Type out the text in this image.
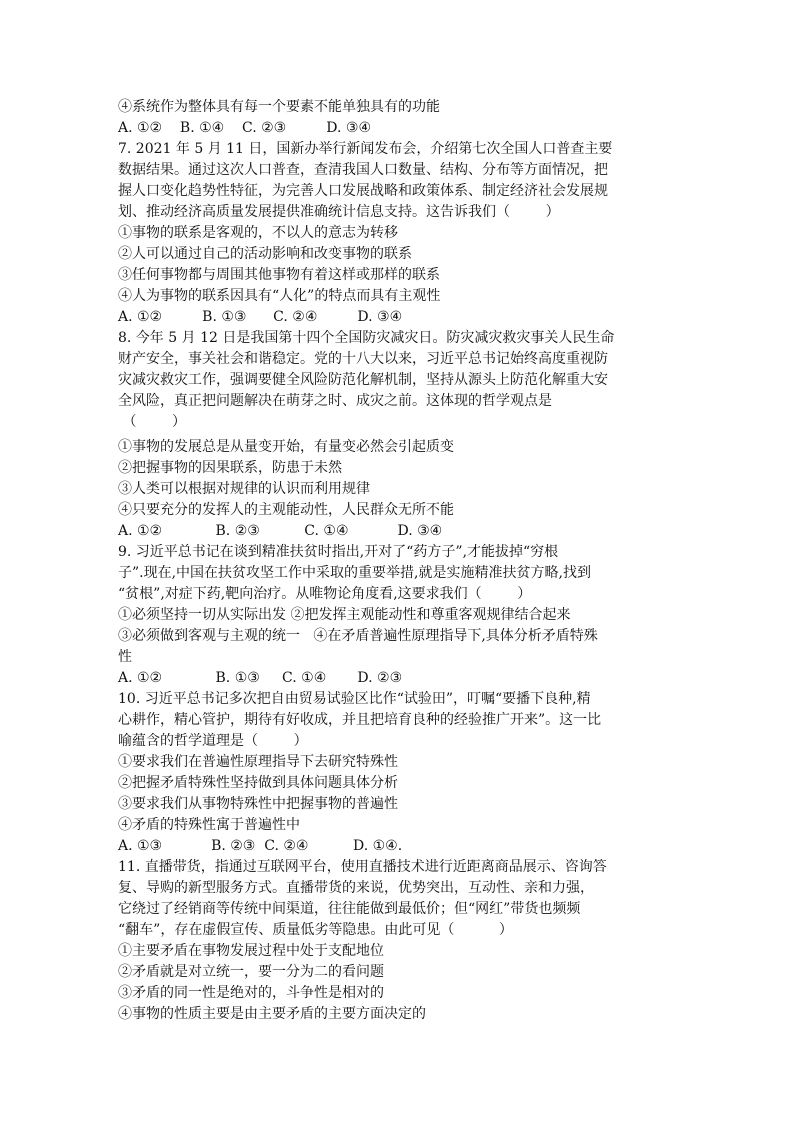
④系统作为整体具有每一个要素不能单独具有的功能
A. ①②    B. ①④    C. ②③         D. ③④
7. 2021 年 5 月 11 日，国新办举行新闻发布会，介绍第七次全国人口普查主要
数据结果。通过这次人口普查，查清我国人口数量、结构、分布等方面情况，把
握人口变化趋势性特征，为完善人口发展战略和政策体系、制定经济社会发展规
划、推动经济高质量发展提供准确统计信息支持。这告诉我们（        ）
①事物的联系是客观的，不以人的意志为转移
②人可以通过自己的活动影响和改变事物的联系
③任何事物都与周围其他事物有着这样或那样的联系
④人为事物的联系因具有“人化”的特点而具有主观性
A. ①②         B. ①③      C. ②④         D. ③④
8. 今年 5 月 12 日是我国第十四个全国防灾减灾日。防灾减灾救灾事关人民生命
财产安全，事关社会和谐稳定。党的十八大以来，习近平总书记始终高度重视防
灾减灾救灾工作，强调要健全风险防范化解机制，坚持从源头上防范化解重大安
全风险，真正把问题解决在萌芽之时、成灾之前。这体现的哲学观点是
（        ）
①事物的发展总是从量变开始，有量变必然会引起质变
②把握事物的因果联系，防患于未然
③人类可以根据对规律的认识而利用规律
④只要充分的发挥人的主观能动性，人民群众无所不能
A. ①②            B. ②③          C. ①④           D. ③④
9. 习近平总书记在谈到精准扶贫时指出,开对了“药方子”,才能拔掉“穷根
子”.现在,中国在扶贫攻坚工作中采取的重要举措,就是实施精准扶贫方略,找到
“贫根”,对症下药,靶向治疗。从唯物论角度看,这要求我们（        ）
①必须坚持一切从实际出发 ②把发挥主观能动性和尊重客观规律结合起来
③必须做到客观与主观的统一   ④在矛盾普遍性原理指导下,具体分析矛盾特殊
性
A. ①②            B. ①③     C. ①④       D. ②③
10. 习近平总书记多次把自由贸易试验区比作“试验田”，叮嘱“要播下良种,精
心耕作，精心管护，期待有好收成，并且把培育良种的经验推广开来”。这一比
喻蕴含的哲学道理是（        ）
①要求我们在普遍性原理指导下去研究特殊性
②把握矛盾特殊性坚持做到具体问题具体分析
③要求我们从事物特殊性中把握事物的普遍性
④矛盾的特殊性寓于普遍性中
A. ①③           B. ②③  C. ②④          D. ①④.
11. 直播带货，指通过互联网平台，使用直播技术进行近距离商品展示、咨询答
复、导购的新型服务方式。直播带货的来说，优势突出，互动性、亲和力强，
它绕过了经销商等传统中间渠道，往往能做到最低价；但“网红”带货也频频
“翻车”，存在虚假宣传、质量低劣等隐患。由此可见（          ）
①主要矛盾在事物发展过程中处于支配地位
②矛盾就是对立统一，要一分为二的看问题
③矛盾的同一性是绝对的，斗争性是相对的
④事物的性质主要是由主要矛盾的主要方面决定的
